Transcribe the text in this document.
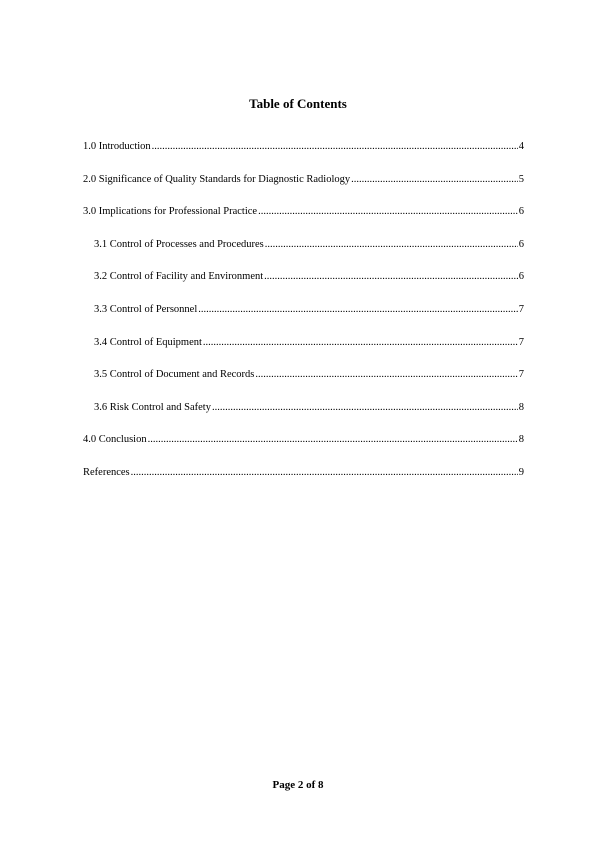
Table of Contents
1.0 Introduction .....	4
2.0 Significance of Quality Standards for Diagnostic Radiology .....	5
3.0 Implications for Professional Practice .....	6
3.1 Control of Processes and Procedures .....	6
3.2 Control of Facility and Environment .....	6
3.3 Control of Personnel .....	7
3.4 Control of Equipment .....	7
3.5 Control of Document and Records .....	7
3.6 Risk Control and Safety .....	8
4.0 Conclusion .....	8
References .....	9
Page 2 of 8
